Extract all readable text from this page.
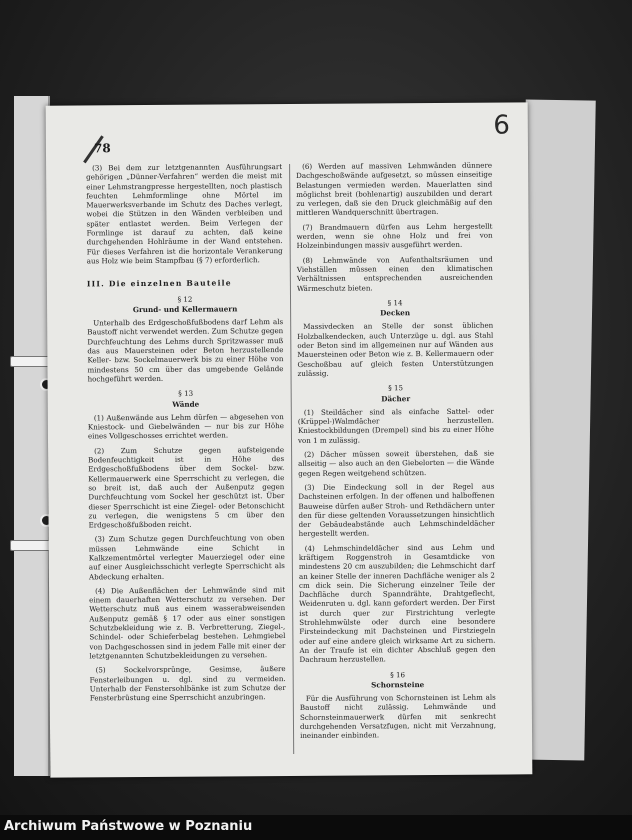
78
6

(3) Bei dem zur letztgenannten Ausführungsart gehörigen „Dünner-Verfahren“ werden die meist mit einer Lehmstrangpresse hergestellten, noch plastisch feuchten Lehmformlinge ohne Mörtel im Mauerwerksverbande im Schutz des Daches verlegt, wobei die Stützen in den Wänden verbleiben und später entlastet werden. Beim Verlegen der Formlinge ist darauf zu achten, daß keine durchgehenden Hohlräume in der Wand entstehen. Für dieses Verfahren ist die horizontale Verankerung aus Holz wie beim Stampfbau (§ 7) erforderlich.

III. Die einzelnen Bauteile
§ 12
Grund- und Kellermauern

Unterhalb des Erdgeschoßfußbodens darf Lehm als Baustoff nicht verwendet werden. Zum Schutze gegen Durchfeuchtung des Lehms durch Spritzwasser muß das aus Mauersteinen oder Beton herzustellende Keller- bzw. Sockelmauerwerk bis zu einer Höhe von mindestens 50 cm über das umgebende Gelände hochgeführt werden.

§ 13
Wände

(1) Außenwände aus Lehm dürfen — abgesehen von Kniestock- und Giebelwänden — nur bis zur Höhe eines Vollgeschosses errichtet werden.

(2) Zum Schutze gegen aufsteigende Bodenfeuchtigkeit ist in Höhe des Erdgeschoßfußbodens über dem Sockel- bzw. Kellermauerwerk eine Sperrschicht zu verlegen, die so breit ist, daß auch der Außenputz gegen Durchfeuchtung vom Sockel her geschützt ist. Über dieser Sperrschicht ist eine Ziegel- oder Betonschicht zu verlegen, die wenigstens 5 cm über den Erdgeschoßfußboden reicht.

(3) Zum Schutze gegen Durchfeuchtung von oben müssen Lehmwände eine Schicht in Kalkzementmörtel verlegter Mauerziegel oder eine auf einer Ausgleichsschicht verlegte Sperrschicht als Abdeckung erhalten.

(4) Die Außenflächen der Lehmwände sind mit einem dauerhaften Wetterschutz zu versehen. Der Wetterschutz muß aus einem wasserabweisenden Außenputz gemäß § 17 oder aus einer sonstigen Schutzbekleidung wie z. B. Verbretterung, Ziegel-, Schindel- oder Schieferbelag bestehen. Lehmgiebel von Dachgeschossen sind in jedem Falle mit einer der letztgenannten Schutzbekleidungen zu versehen.

(5) Sockelvorsprünge, Gesimse, äußere Fensterleibungen u. dgl. sind zu vermeiden. Unterhalb der Fenstersohlbänke ist zum Schutze der Fensterbrüstung eine Sperrschicht anzubringen.

(6) Werden auf massiven Lehmwänden dünnere Dachgeschoßwände aufgesetzt, so müssen einseitige Belastungen vermieden werden. Mauerlatten sind möglichst breit (bohlenartig) auszubilden und derart zu verlegen, daß sie den Druck gleichmäßig auf den mittleren Wandquerschnitt übertragen.

(7) Brandmauern dürfen aus Lehm hergestellt werden, wenn sie ohne Holz und frei von Holzeinbindungen massiv ausgeführt werden.

(8) Lehmwände von Aufenthaltsräumen und Viehställen müssen einen den klimatischen Verhältnissen entsprechenden ausreichenden Wärmeschutz bieten.

§ 14
Decken

Massivdecken an Stelle der sonst üblichen Holzbalkendecken, auch Unterzüge u. dgl. aus Stahl oder Beton sind im allgemeinen nur auf Wänden aus Mauersteinen oder Beton wie z. B. Kellermauern oder Geschoßbau auf gleich festen Unterstützungen zulässig.

§ 15
Dächer

(1) Steildächer sind als einfache Sattel- oder (Krüppel-)Walmdächer herzustellen. Kniestockbildungen (Drempel) sind bis zu einer Höhe von 1 m zulässig.

(2) Dächer müssen soweit überstehen, daß sie allseitig — also auch an den Giebelorten — die Wände gegen Regen weitgehend schützen.

(3) Die Eindeckung soll in der Regel aus Dachsteinen erfolgen. In der offenen und halboffenen Bauweise dürfen außer Stroh- und Rethdächern unter den für diese geltenden Voraussetzungen hinsichtlich der Gebäudeabstände auch Lehmschindeldächer hergestellt werden.

(4) Lehmschindeldächer sind aus Lehm und kräftigem Roggenstroh in Gesamtdicke von mindestens 20 cm auszubilden; die Lehmschicht darf an keiner Stelle der inneren Dachfläche weniger als 2 cm dick sein. Die Sicherung einzelner Teile der Dachfläche durch Spanndrähte, Drahtgeflecht, Weidenruten u. dgl. kann gefordert werden. Der First ist durch quer zur Firstrichtung verlegte Strohlehmwülste oder durch eine besondere Firsteindeckung mit Dachsteinen und Firstziegeln oder auf eine andere gleich wirksame Art zu sichern. An der Traufe ist ein dichter Abschluß gegen den Dachraum herzustellen.

§ 16
Schornsteine

Für die Ausführung von Schornsteinen ist Lehm als Baustoff nicht zulässig. Lehmwände und Schornsteinmauerwerk dürfen mit senkrecht durchgehenden Versatzfugen, nicht mit Verzahnung, ineinander einbinden.

Archiwum Państwowe w Poznaniu
